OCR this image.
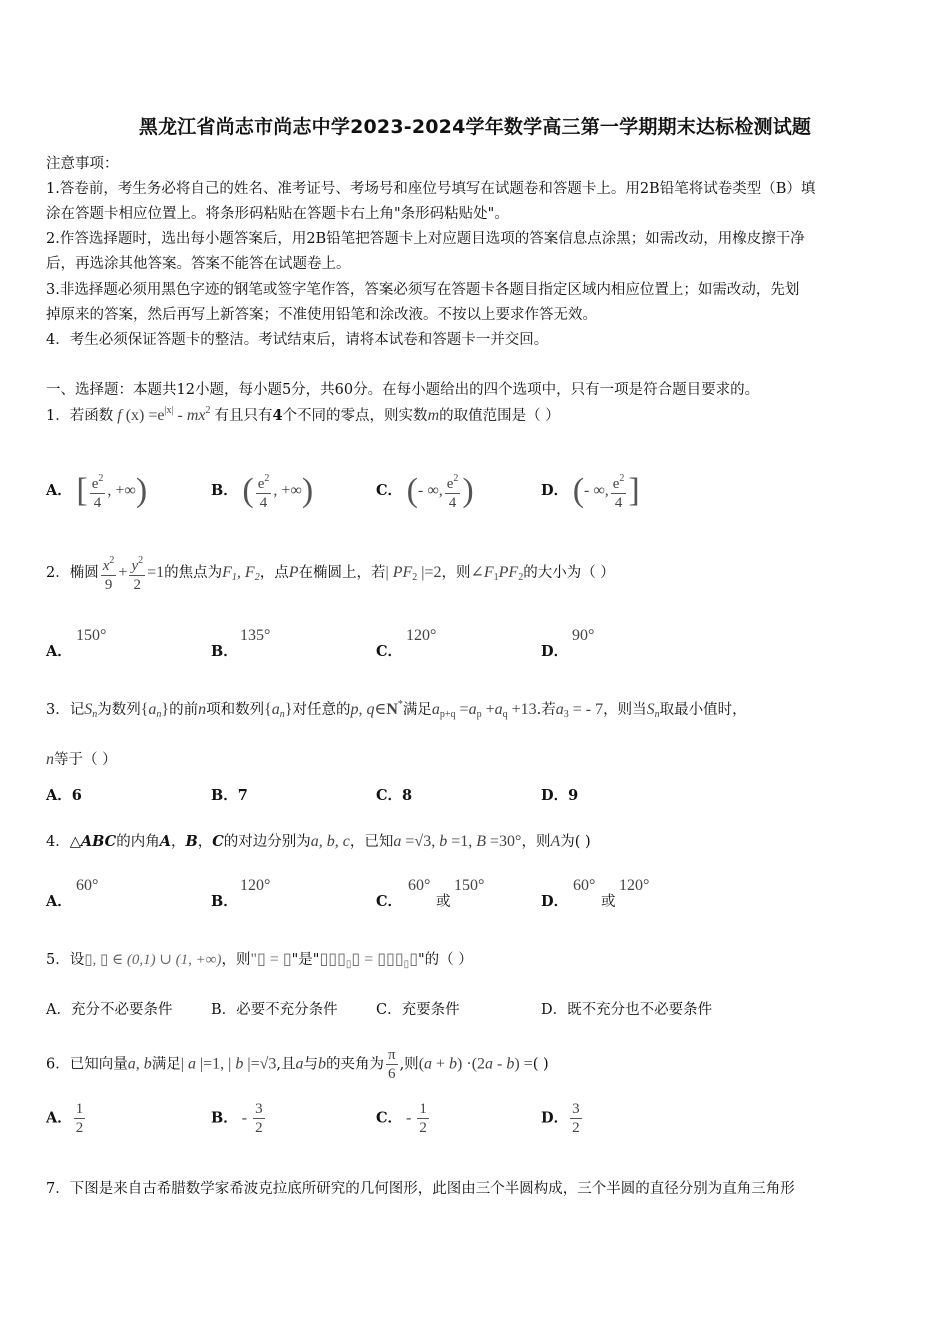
黑龙江省尚志市尚志中学2023-2024学年数学高三第一学期期末达标检测试题
注意事项：
1.答卷前，考生务必将自己的姓名、准考证号、考场号和座位号填写在试题卷和答题卡上。用2B铅笔将试卷类型（B）填
涂在答题卡相应位置上。将条形码粘贴在答题卡右上角"条形码粘贴处"。
2.作答选择题时，选出每小题答案后，用2B铅笔把答题卡上对应题目选项的答案信息点涂黑；如需改动，用橡皮擦干净
后，再选涂其他答案。答案不能答在试题卷上。
3.非选择题必须用黑色字迹的钢笔或签字笔作答，答案必须写在答题卡各题目指定区域内相应位置上；如需改动，先划
掉原来的答案，然后再写上新答案；不准使用铅笔和涂改液。不按以上要求作答无效。
4．考生必须保证答题卡的整洁。考试结束后，请将本试卷和答题卡一并交回。
一、选择题：本题共12小题，每小题5分，共60分。在每小题给出的四个选项中，只有一项是符合题目要求的。
1．若函数 f $(x) =e^{|x|} - mx^2$ 有且只有4个不同的零点，则实数m的取值范围是（ ）
A． [ $\frac{e^2}{4}$ , +∞)	B． ( $\frac{e^2}{4}$ , +∞)	C． (- ∞, $\frac{e^2}{4}$ )	D． (- ∞, $\frac{e^2}{4}$ ]
2．椭圆 $\frac{x^2}{9} + \frac{y^2}{2} =1$的焦点为$F_1$, $F_2$，点P在椭圆上，若| $PF_2$ |=2，则$\angle F_1PF_2$的大小为（ ）
A．
150°
B．
135°
C．
120°
D．
90°
3．记$S_n$为数列$\{a_n\}$的前n项和数列$\{a_n\}$对任意的p, q∈N*满足$a_{p+q} =a_p +a_q +13$.若$a_3$ = - 7，则当$S_n$取最小值时，
n等于（ ）
A．6	B．7	C．8	D．9
4．△ABC的内角A，B，C的对边分别为a, b, c，已知a =√3, b =1, B =30°，则A为( )
A．
60°
B．
120°
C．
60°
或
150°
D．
60°
或
120°
5．设▯, ▯ ∈ (0,1) ∪ (1, +∞)，则"▯ = ▯"是"$▯▯▯_▯▯$ = $▯▯▯_▯▯$"的（ ）
A．充分不必要条件	B．必要不充分条件	C．充要条件	D．既不充分也不必要条件
6．已知向量a, b满足| a |=1, | b |=√3,且a与b的夹角为 $\frac{\pi}{6}$ ,则(a + b) ·(2a - b) =( )
A． $\frac{1}{2}$	B． - $\frac{3}{2}$	C． - $\frac{1}{2}$	D． $\frac{3}{2}$
7．下图是来自古希腊数学家希波克拉底所研究的几何图形，此图由三个半圆构成，三个半圆的直径分别为直角三角形
